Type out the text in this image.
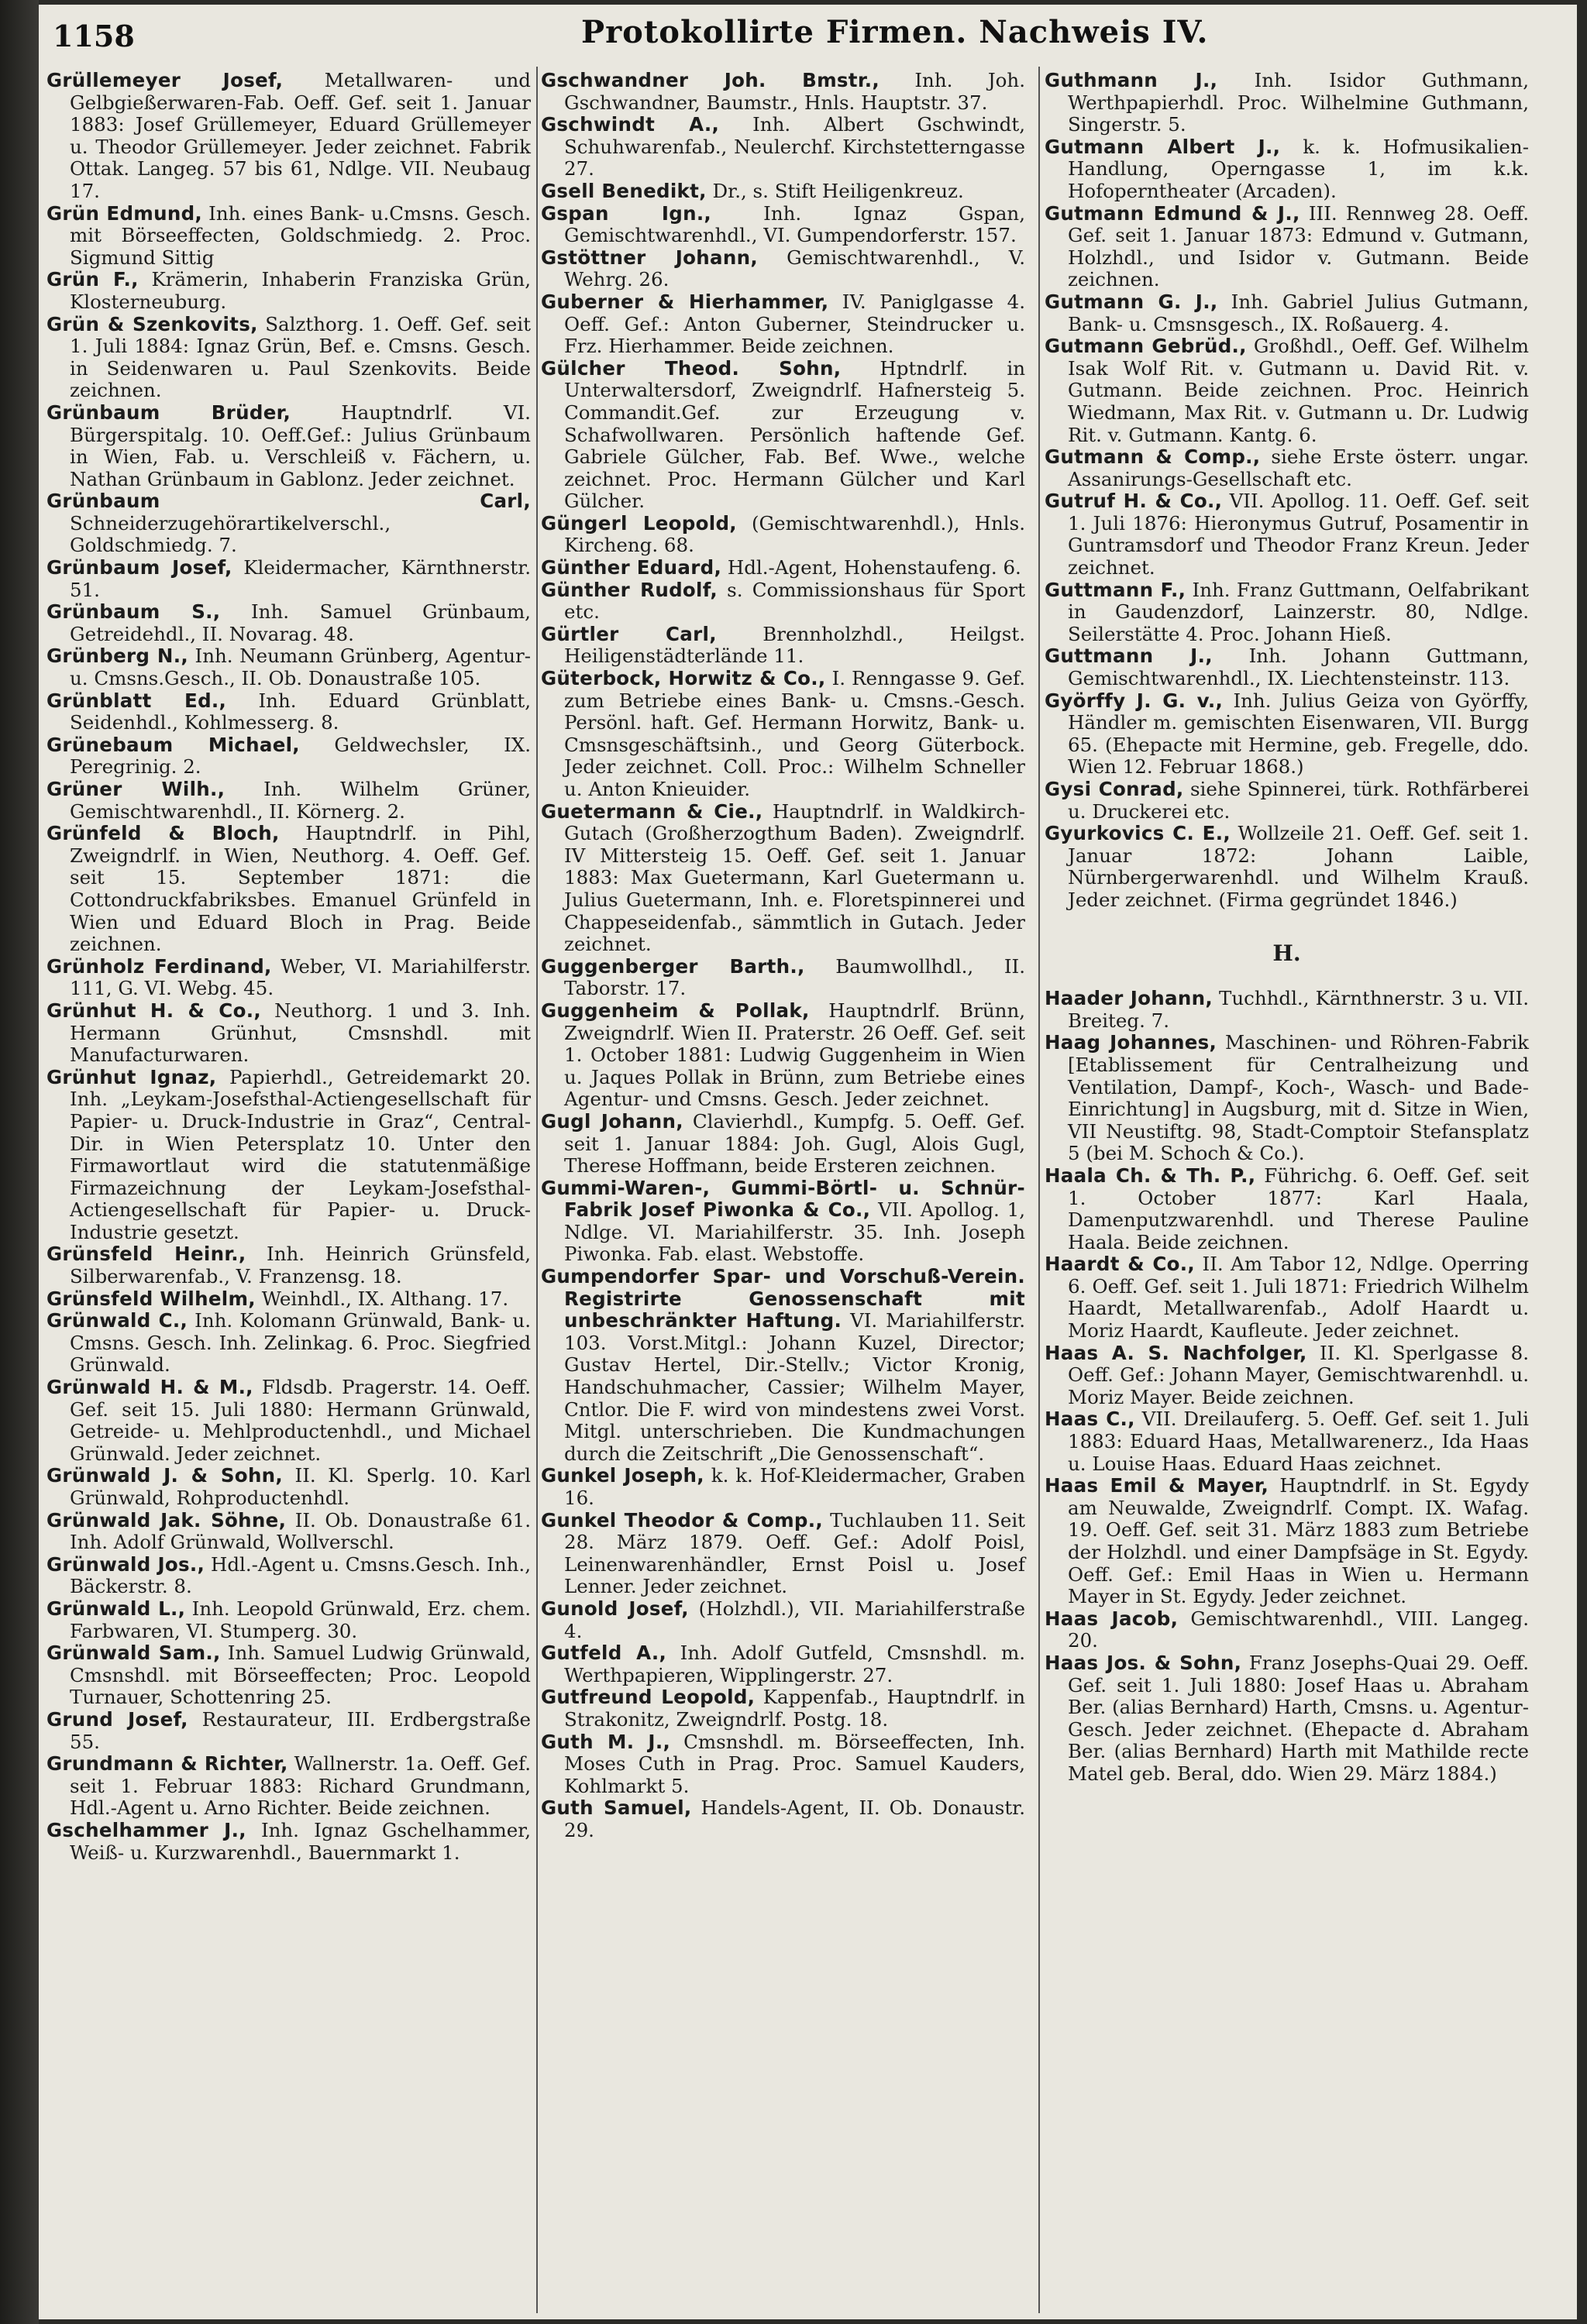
1158	Protokollirte Firmen. Nachweis IV.

Grüllemeyer Josef, Metallwaren- und Gelbgießerwaren-Fab. Oeff. Gef. seit 1. Januar 1883: Josef Grüllemeyer, Eduard Grüllemeyer u. Theodor Grüllemeyer. Jeder zeichnet. Fabrik Ottak. Langeg. 57 bis 61, Ndlge. VII. Neubaug 17.

Grün Edmund, Inh. eines Bank- u.Cmsns. Gesch. mit Börseeffecten, Goldschmiedg. 2. Proc. Sigmund Sittig

Grün F., Krämerin, Inhaberin Franziska Grün, Klosterneuburg.

Grün & Szenkovits, Salzthorg. 1. Oeff. Gef. seit 1. Juli 1884: Ignaz Grün, Bef. e. Cmsns. Gesch. in Seidenwaren u. Paul Szenkovits. Beide zeichnen.

Grünbaum Brüder,	Hauptndrlf. VI. Bürgerspitalg. 10. Oeff.Gef.: Julius Grünbaum in Wien, Fab. u. Verschleiß v. Fächern, u. Nathan Grünbaum in Gablonz. Jeder zeichnet.

Grünbaum Carl, Schneiderzugehörartikelverschl., Goldschmiedg. 7.

Grünbaum Josef, Kleidermacher, Kärnthnerstr. 51.

Grünbaum S., Inh. Samuel Grünbaum, Getreidehdl., II. Novarag. 48.

Grünberg N., Inh. Neumann Grünberg, Agentur- u. Cmsns.Gesch., II. Ob. Donaustraße 105.

Grünblatt Ed., Inh. Eduard Grünblatt, Seidenhdl., Kohlmesserg. 8.

Grünebaum Michael, Geldwechsler, IX. Peregrinig. 2.

Grüner Wilh., Inh. Wilhelm Grüner, Gemischtwarenhdl., II. Körnerg. 2.

Grünfeld & Bloch, Hauptndrlf. in Pihl, Zweigndrlf. in Wien, Neuthorg. 4. Oeff. Gef. seit 15. September 1871: die Cottondruckfabriksbes. Emanuel Grünfeld in Wien und Eduard Bloch in Prag. Beide zeichnen.

Grünholz Ferdinand, Weber, VI. Mariahilferstr. 111, G. VI. Webg. 45.

Grünhut H. & Co., Neuthorg. 1 und 3. Inh. Hermann Grünhut, Cmsnshdl. mit Manufacturwaren.

Grünhut Ignaz, Papierhdl., Getreidemarkt 20. Inh. „Leykam-Josefsthal-Actiengesellschaft für Papier- u. Druck-Industrie in Graz“, Central-Dir. in Wien Petersplatz 10. Unter den Firmawortlaut wird die statutenmäßige Firmazeichnung der Leykam-Josefsthal-Actiengesellschaft für Papier- u. Druck-Industrie gesetzt.

Grünsfeld Heinr., Inh. Heinrich Grünsfeld, Silberwarenfab., V. Franzensg. 18.

Grünsfeld Wilhelm, Weinhdl., IX. Althang. 17.

Grünwald C., Inh. Kolomann Grünwald, Bank- u. Cmsns. Gesch. Inh. Zelinkag. 6. Proc. Siegfried Grünwald.

Grünwald H. & M., Fldsdb. Pragerstr. 14. Oeff. Gef. seit 15. Juli 1880: Hermann Grünwald, Getreide- u. Mehlproductenhdl., und Michael Grünwald. Jeder zeichnet.

Grünwald J. & Sohn, II. Kl. Sperlg. 10. Karl Grünwald, Rohproductenhdl.

Grünwald Jak. Söhne, II. Ob. Donaustraße 61. Inh. Adolf Grünwald, Wollverschl.

Grünwald Jos., Hdl.-Agent u. Cmsns.Gesch. Inh., Bäckerstr. 8.

Grünwald L., Inh. Leopold Grünwald, Erz. chem. Farbwaren, VI. Stumperg. 30.

Grünwald Sam., Inh. Samuel Ludwig Grünwald, Cmsnshdl. mit Börseeffecten; Proc. Leopold Turnauer, Schottenring 25.

Grund Josef, Restaurateur, III. Erdbergstraße 55.

Grundmann & Richter, Wallnerstr. 1a. Oeff. Gef. seit 1. Februar 1883: Richard Grundmann, Hdl.-Agent u. Arno Richter. Beide zeichnen.

Gschelhammer J., Inh. Ignaz Gschelhammer, Weiß- u. Kurzwarenhdl., Bauernmarkt 1.

Gschwandner Joh. Bmstr., Inh. Joh. Gschwandner, Baumstr., Hnls. Hauptstr. 37.

Gschwindt A., Inh. Albert Gschwindt, Schuhwarenfab., Neulerchf. Kirchstetterngasse 27.

Gsell Benedikt, Dr., s. Stift Heiligenkreuz.

Gspan Ign.,	Inh. Ignaz Gspan, Gemischtwarenhdl., VI. Gumpendorferstr. 157.

Gstöttner Johann, Gemischtwarenhdl., V. Wehrg. 26.

Guberner & Hierhammer, IV. Paniglgasse 4. Oeff. Gef.: Anton Guberner, Steindrucker u. Frz. Hierhammer. Beide zeichnen.

Gülcher Theod. Sohn, Hptndrlf. in Unterwaltersdorf, Zweigndrlf. Hafnersteig 5. Commandit.Gef. zur Erzeugung v. Schafwollwaren. Persönlich haftende Gef. Gabriele Gülcher, Fab. Bef. Wwe., welche zeichnet. Proc. Hermann Gülcher und Karl Gülcher.

Güngerl Leopold, (Gemischtwarenhdl.), Hnls. Kircheng. 68.

Günther Eduard, Hdl.-Agent, Hohenstaufeng. 6.

Günther Rudolf, s. Commissionshaus für Sport etc.

Gürtler Carl, Brennholzhdl., Heilgst. Heiligenstädterlände 11.

Güterbock, Horwitz & Co., I. Renngasse 9. Gef. zum Betriebe eines Bank- u. Cmsns.-Gesch. Persönl. haft. Gef. Hermann Horwitz, Bank- u. Cmsnsgeschäftsinh., und Georg Güterbock. Jeder zeichnet. Coll. Proc.: Wilhelm Schneller u. Anton Knieuider.

Guetermann & Cie., Hauptndrlf. in Waldkirch-Gutach (Großherzogthum Baden). Zweigndrlf. IV Mittersteig 15. Oeff. Gef. seit 1. Januar 1883: Max Guetermann, Karl Guetermann u. Julius Guetermann, Inh. e. Floretspinnerei und Chappeseidenfab., sämmtlich in Gutach. Jeder zeichnet.

Guggenberger Barth., Baumwollhdl., II. Taborstr. 17.

Guggenheim & Pollak, Hauptndrlf. Brünn, Zweigndrlf. Wien II. Praterstr. 26 Oeff. Gef. seit 1. October 1881: Ludwig Guggenheim in Wien u. Jaques Pollak in Brünn, zum Betriebe eines Agentur- und Cmsns. Gesch. Jeder zeichnet.

Gugl Johann, Clavierhdl., Kumpfg. 5. Oeff. Gef. seit 1. Januar 1884: Joh. Gugl, Alois Gugl, Therese Hoffmann, beide Ersteren zeichnen.

Gummi-Waren-, Gummi-Börtl- u. Schnür-Fabrik Josef Piwonka & Co., VII. Apollog. 1, Ndlge. VI. Mariahilferstr. 35. Inh. Joseph Piwonka. Fab. elast. Webstoffe.

Gumpendorfer Spar- und Vorschuß-Verein. Registrirte Genossenschaft mit unbeschränkter Haftung. VI. Mariahilferstr. 103. Vorst.Mitgl.: Johann Kuzel, Director; Gustav Hertel, Dir.-Stellv.; Victor Kronig, Handschuhmacher, Cassier; Wilhelm Mayer, Cntlor. Die F. wird von mindestens zwei Vorst. Mitgl. unterschrieben. Die Kundmachungen durch die Zeitschrift „Die Genossenschaft“.

Gunkel Joseph, k. k. Hof-Kleidermacher, Graben 16.

Gunkel Theodor & Comp., Tuchlauben 11. Seit 28. März 1879. Oeff. Gef.: Adolf Poisl, Leinenwarenhändler, Ernst Poisl u. Josef Lenner. Jeder zeichnet.

Gunold Josef, (Holzhdl.), VII. Mariahilferstraße 4.

Gutfeld A., Inh. Adolf Gutfeld, Cmsnshdl. m. Werthpapieren, Wipplingerstr. 27.

Gutfreund Leopold, Kappenfab., Hauptndrlf. in Strakonitz, Zweigndrlf. Postg. 18.

Guth M. J., Cmsnshdl. m. Börseeffecten, Inh. Moses Cuth in Prag. Proc. Samuel Kauders, Kohlmarkt 5.

Guth Samuel, Handels-Agent, II. Ob. Donaustr. 29.

Guthmann J., Inh. Isidor Guthmann, Werthpapierhdl. Proc. Wilhelmine Guthmann, Singerstr. 5.

Gutmann Albert J., k. k. Hofmusikalien-Handlung, Operngasse 1, im k.k. Hofoperntheater (Arcaden).

Gutmann Edmund & J., III. Rennweg 28. Oeff. Gef. seit 1. Januar 1873: Edmund v. Gutmann, Holzhdl., und Isidor v. Gutmann. Beide zeichnen.

Gutmann G. J., Inh. Gabriel Julius Gutmann, Bank- u. Cmsnsgesch., IX. Roßauerg. 4.

Gutmann Gebrüd., Großhdl., Oeff. Gef. Wilhelm Isak Wolf Rit. v. Gutmann u. David Rit. v. Gutmann. Beide zeichnen. Proc. Heinrich Wiedmann, Max Rit. v. Gutmann u. Dr. Ludwig Rit. v. Gutmann. Kantg. 6.

Gutmann & Comp., siehe Erste österr. ungar. Assanirungs-Gesellschaft etc.

Gutruf H. & Co., VII. Apollog. 11. Oeff. Gef. seit 1. Juli 1876: Hieronymus Gutruf, Posamentir in Guntramsdorf und Theodor Franz Kreun. Jeder zeichnet.

Guttmann F., Inh. Franz Guttmann, Oelfabrikant in Gaudenzdorf, Lainzerstr. 80, Ndlge. Seilerstätte 4. Proc. Johann Hieß.

Guttmann J., Inh. Johann Guttmann, Gemischtwarenhdl., IX. Liechtensteinstr. 113.

Györffy J. G. v., Inh. Julius Geiza von Györffy, Händler m. gemischten Eisenwaren, VII. Burgg 65. (Ehepacte mit Hermine, geb. Fregelle, ddo. Wien 12. Februar 1868.)

Gysi Conrad, siehe Spinnerei, türk. Rothfärberei u. Druckerei etc.

Gyurkovics C. E., Wollzeile 21. Oeff. Gef. seit 1. Januar 1872: Johann Laible, Nürnbergerwarenhdl. und Wilhelm Krauß. Jeder zeichnet. (Firma gegründet 1846.)

H.

Haader Johann, Tuchhdl., Kärnthnerstr. 3 u. VII. Breiteg. 7.

Haag Johannes, Maschinen- und Röhren-Fabrik [Etablissement für Centralheizung und Ventilation, Dampf-, Koch-, Wasch- und Bade-Einrichtung] in Augsburg, mit d. Sitze in Wien, VII Neustiftg. 98, Stadt-Comptoir Stefansplatz 5 (bei M. Schoch & Co.).

Haala Ch. & Th. P., Führichg. 6. Oeff. Gef. seit 1. October 1877: Karl Haala, Damenputzwarenhdl. und Therese Pauline Haala. Beide zeichnen.

Haardt & Co., II. Am Tabor 12, Ndlge. Operring 6. Oeff. Gef. seit 1. Juli 1871: Friedrich Wilhelm Haardt, Metallwarenfab., Adolf Haardt u. Moriz Haardt, Kaufleute. Jeder zeichnet.

Haas A. S. Nachfolger, II. Kl. Sperlgasse 8. Oeff. Gef.: Johann Mayer, Gemischtwarenhdl. u. Moriz Mayer. Beide zeichnen.

Haas C., VII. Dreilauferg. 5. Oeff. Gef. seit 1. Juli 1883: Eduard Haas, Metallwarenerz., Ida Haas u. Louise Haas. Eduard Haas zeichnet.

Haas Emil & Mayer, Hauptndrlf. in St. Egydy am Neuwalde, Zweigndrlf. Compt. IX. Wafag. 19. Oeff. Gef. seit 31. März 1883 zum Betriebe der Holzhdl. und einer Dampfsäge in St. Egydy. Oeff. Gef.: Emil Haas in Wien u. Hermann Mayer in St. Egydy. Jeder zeichnet.

Haas Jacob, Gemischtwarenhdl., VIII. Langeg. 20.

Haas Jos. & Sohn, Franz Josephs-Quai 29. Oeff. Gef. seit 1. Juli 1880: Josef Haas u. Abraham Ber. (alias Bernhard) Harth, Cmsns. u. Agentur-Gesch. Jeder zeichnet. (Ehepacte d. Abraham Ber. (alias Bernhard) Harth mit Mathilde recte Matel geb. Beral, ddo. Wien 29. März 1884.)
